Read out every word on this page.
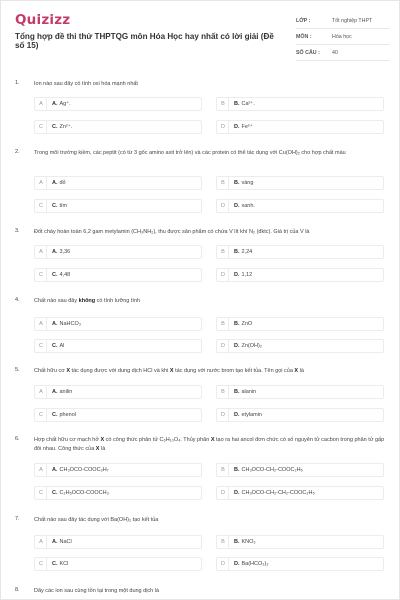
Quizizz
Tổng hợp đề thi thử THPTQG môn Hóa Học hay nhất có lời giải (Đề số 15)
LỚP :	Tốt nghiệp THPT
MÔN :	Hóa học
SỐ CÂU :	40
1.	Ion nào sau đây có tính oxi hóa mạnh nhất
A	A. Ag⁺.	B	B. Ca²⁺.
C	C. Zn²⁺.	D	D. Fe²⁺
2.	Trong môi trường kiềm, các peptit (có từ 3 gốc amino axit trở lên) và các protein có thể tác dụng với Cu(OH)₂ cho hợp chất màu
A	A. đỏ	B	B. vàng
C	C. tím	D	D. xanh.
3.	Đốt cháy hoàn toàn 6,2 gam metylamin (CH₃NH₂), thu được sản phẩm có chứa V lít khí N₂ (đktc). Giá trị của V là
A	A. 3,36	B	B. 2,24
C	C. 4,48	D	D. 1,12
4.	Chất nào sau đây không có tính lưỡng tính
A	A. NaHCO₃	B	B. ZnO
C	C. Al	D	D. Zn(OH)₂
5.	Chất hữu cơ X tác dụng được với dung dịch HCl và khi X tác dụng với nước brom tạo kết tủa. Tên gọi của X là
A	A. anilin	B	B. alanin
C	C. phenol	D	D. etylamin
6.	Hợp chất hữu cơ mạch hở X có công thức phân tử C₆H₁₀O₄. Thủy phân X tạo ra hai ancol đơn chức có số nguyên tử cacbon trong phân tử gấp đôi nhau. Công thức của X là
A	A. CH₃OCO-COOC₃H₇	B	B. CH₃OCO-CH₂-COOC₂H₅
C	C. C₂H₅OCO-COOCH₃	D	D. CH₃OCO-CH₂-CH₂-COOC₂H₅
7.	Chất nào sau đây tác dụng với Ba(OH)₂ tạo kết tủa
A	A. NaCl	B	B. KNO₃
C	C. KCl	D	D. Ba(HCO₃)₂
8.	Dãy các ion sau cùng tồn tại trong một dung dịch là
